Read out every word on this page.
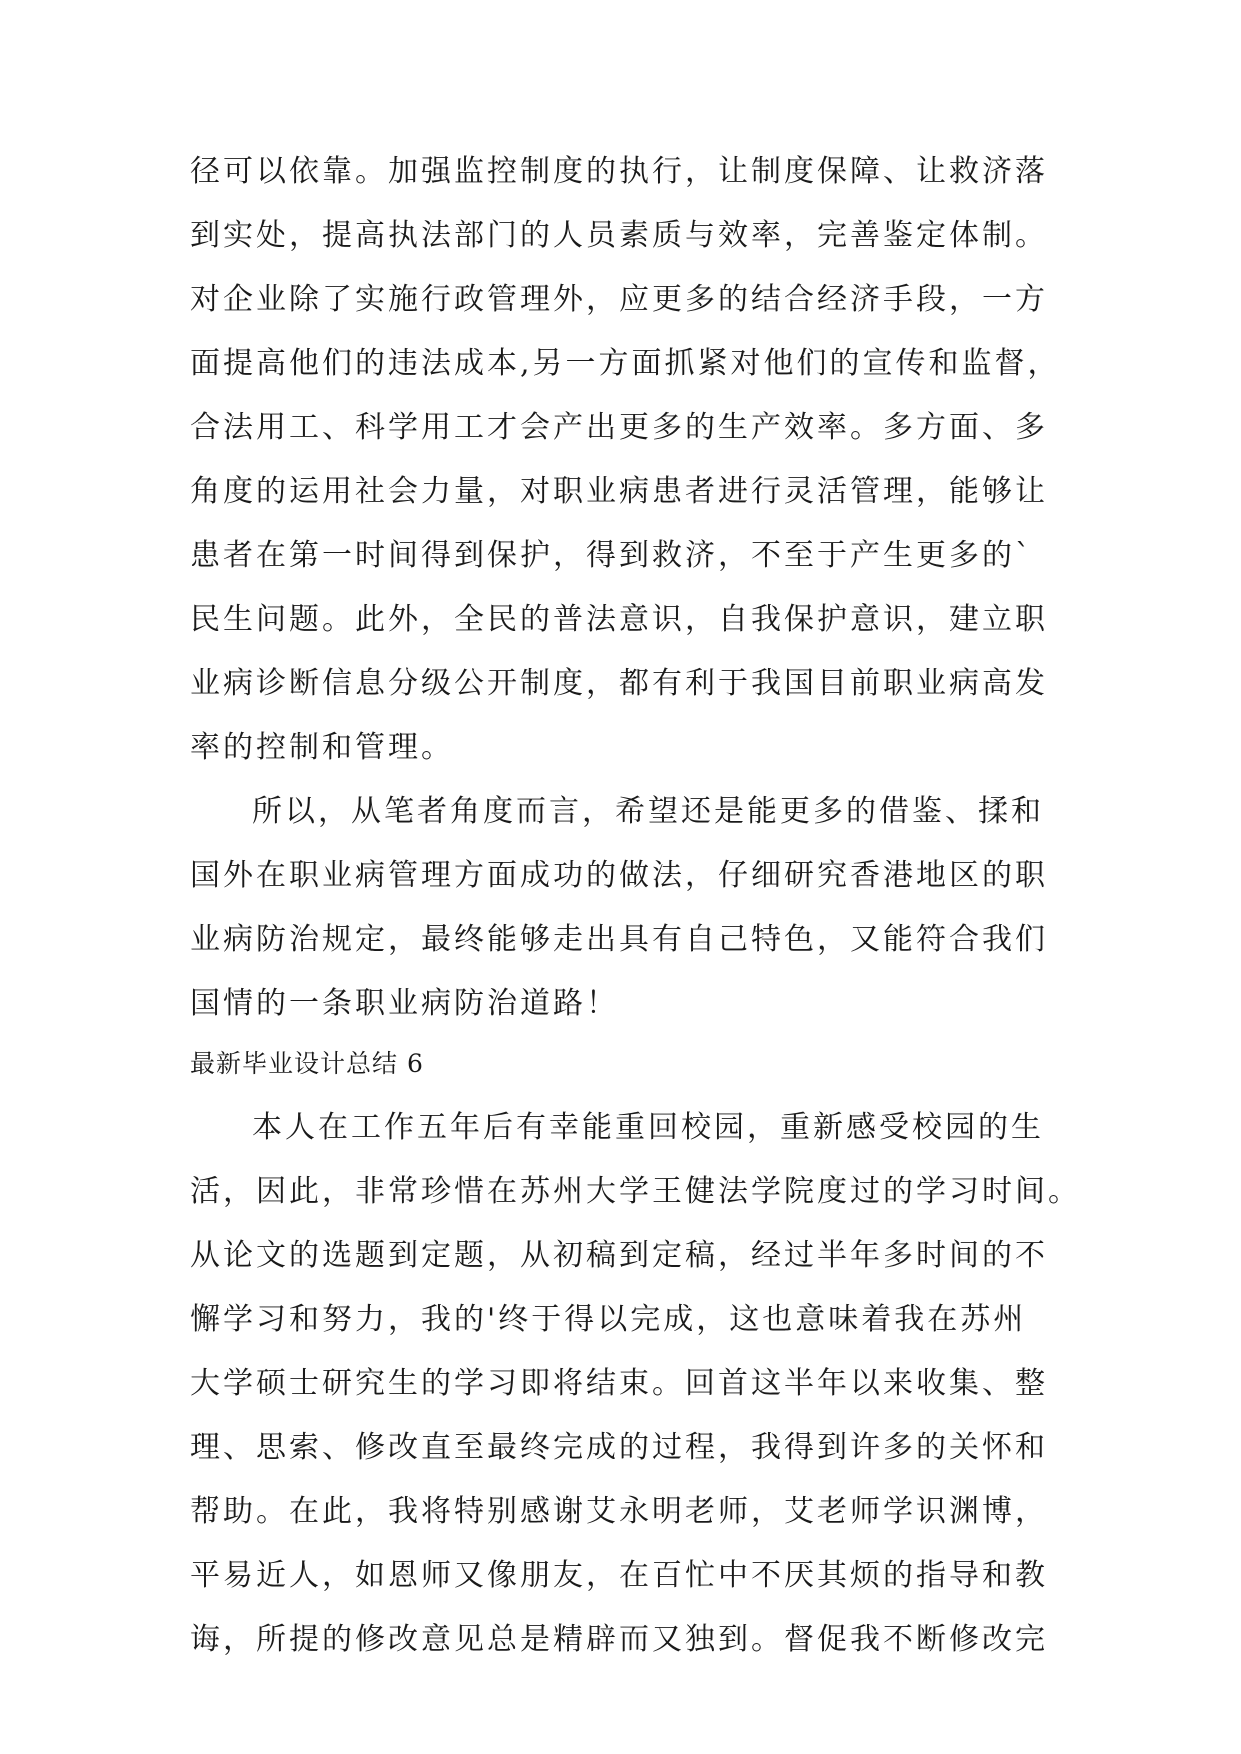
径可以依靠。加强监控制度的执行，让制度保障、让救济落
到实处，提高执法部门的人员素质与效率，完善鉴定体制。
对企业除了实施行政管理外，应更多的结合经济手段，一方
面提高他们的违法成本,另一方面抓紧对他们的宣传和监督，
合法用工、科学用工才会产出更多的生产效率。多方面、多
角度的运用社会力量，对职业病患者进行灵活管理，能够让
患者在第一时间得到保护，得到救济，不至于产生更多的`
民生问题。此外，全民的普法意识，自我保护意识，建立职
业病诊断信息分级公开制度，都有利于我国目前职业病高发
率的控制和管理。
所以，从笔者角度而言，希望还是能更多的借鉴、揉和
国外在职业病管理方面成功的做法，仔细研究香港地区的职
业病防治规定，最终能够走出具有自己特色，又能符合我们
国情的一条职业病防治道路！
最新毕业设计总结 6
本人在工作五年后有幸能重回校园，重新感受校园的生
活，因此，非常珍惜在苏州大学王健法学院度过的学习时间。
从论文的选题到定题，从初稿到定稿，经过半年多时间的不
懈学习和努力，我的'终于得以完成，这也意味着我在苏州
大学硕士研究生的学习即将结束。回首这半年以来收集、整
理、思索、修改直至最终完成的过程，我得到许多的关怀和
帮助。在此，我将特别感谢艾永明老师，艾老师学识渊博，
平易近人，如恩师又像朋友，在百忙中不厌其烦的指导和教
诲，所提的修改意见总是精辟而又独到。督促我不断修改完
